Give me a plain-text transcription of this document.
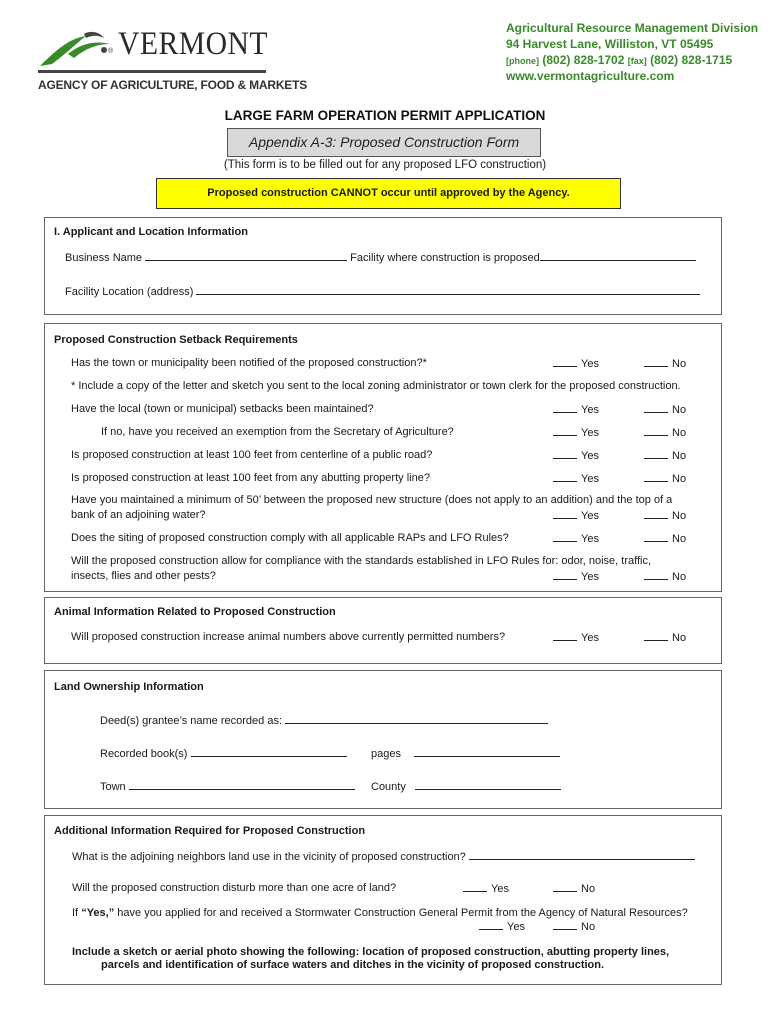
VERMONT
®
AGENCY OF AGRICULTURE, FOOD & MARKETS
Agricultural Resource Management Division
94 Harvest Lane, Williston, VT 05495
[phone] (802) 828-1702 [fax] (802) 828-1715
www.vermontagriculture.com
LARGE FARM OPERATION PERMIT APPLICATION
Appendix A-3: Proposed Construction Form
(This form is to be filled out for any proposed LFO construction)
Proposed construction CANNOT occur until approved by the Agency.
I. Applicant and Location Information
Business Name	Facility where construction is proposed
Facility Location (address)
Proposed Construction Setback Requirements
Has the town or municipality been notified of the proposed construction?*	Yes	No
* Include a copy of the letter and sketch you sent to the local zoning administrator or town clerk for the proposed construction.
Have the local (town or municipal) setbacks been maintained?	Yes	No
If no, have you received an exemption from the Secretary of Agriculture?	Yes	No
Is proposed construction at least 100 feet from centerline of a public road?	Yes	No
Is proposed construction at least 100 feet from any abutting property line?	Yes	No
Have you maintained a minimum of 50’ between the proposed new structure (does not apply to an addition) and the top of a
bank of an adjoining water?	Yes	No
Does the siting of proposed construction comply with all applicable RAPs and LFO Rules?	Yes	No
Will the proposed construction allow for compliance with the standards established in LFO Rules for: odor, noise, traffic,
insects, flies and other pests?	Yes	No
Animal Information Related to Proposed Construction
Will proposed construction increase animal numbers above currently permitted numbers?	Yes	No
Land Ownership Information
Deed(s) grantee’s name recorded as:
Recorded book(s)	pages
Town	County
Additional Information Required for Proposed Construction
What is the adjoining neighbors land use in the vicinity of proposed construction?
Will the proposed construction disturb more than one acre of land?	Yes	No
If “Yes,” have you applied for and received a Stormwater Construction General Permit from the Agency of Natural Resources?
Yes	No
Include a sketch or aerial photo showing the following: location of proposed construction, abutting property lines,
parcels and identification of surface waters and ditches in the vicinity of proposed construction.
